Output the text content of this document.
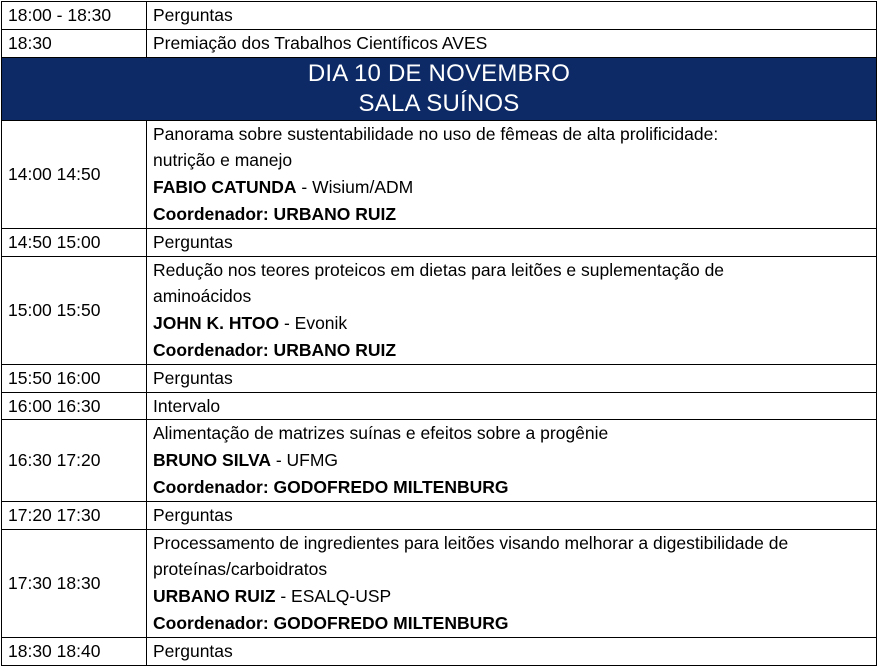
18:00 - 18:30	Perguntas
18:30	Premiação dos Trabalhos Científicos AVES

DIA 10 DE NOVEMBRO
SALA SUÍNOS	

14:00 14:50	Panorama sobre sustentabilidade no uso de fêmeas de alta prolificidade:
nutrição e manejo
FABIO CATUNDA - Wisium/ADM
Coordenador: URBANO RUIZ

14:50 15:00	Perguntas
15:00 15:50	Redução nos teores proteicos em dietas para leitões e suplementação de
aminoácidos
JOHN K. HTOO - Evonik
Coordenador: URBANO RUIZ

15:50 16:00	Perguntas
16:00 16:30	Intervalo
16:30 17:20	Alimentação de matrizes suínas e efeitos sobre a progênie
BRUNO SILVA - UFMG
Coordenador: GODOFREDO MILTENBURG

17:20 17:30	Perguntas
17:30 18:30	Processamento de ingredientes para leitões visando melhorar a digestibilidade de
proteínas/carboidratos
URBANO RUIZ - ESALQ-USP
Coordenador: GODOFREDO MILTENBURG

18:30 18:40	Perguntas
